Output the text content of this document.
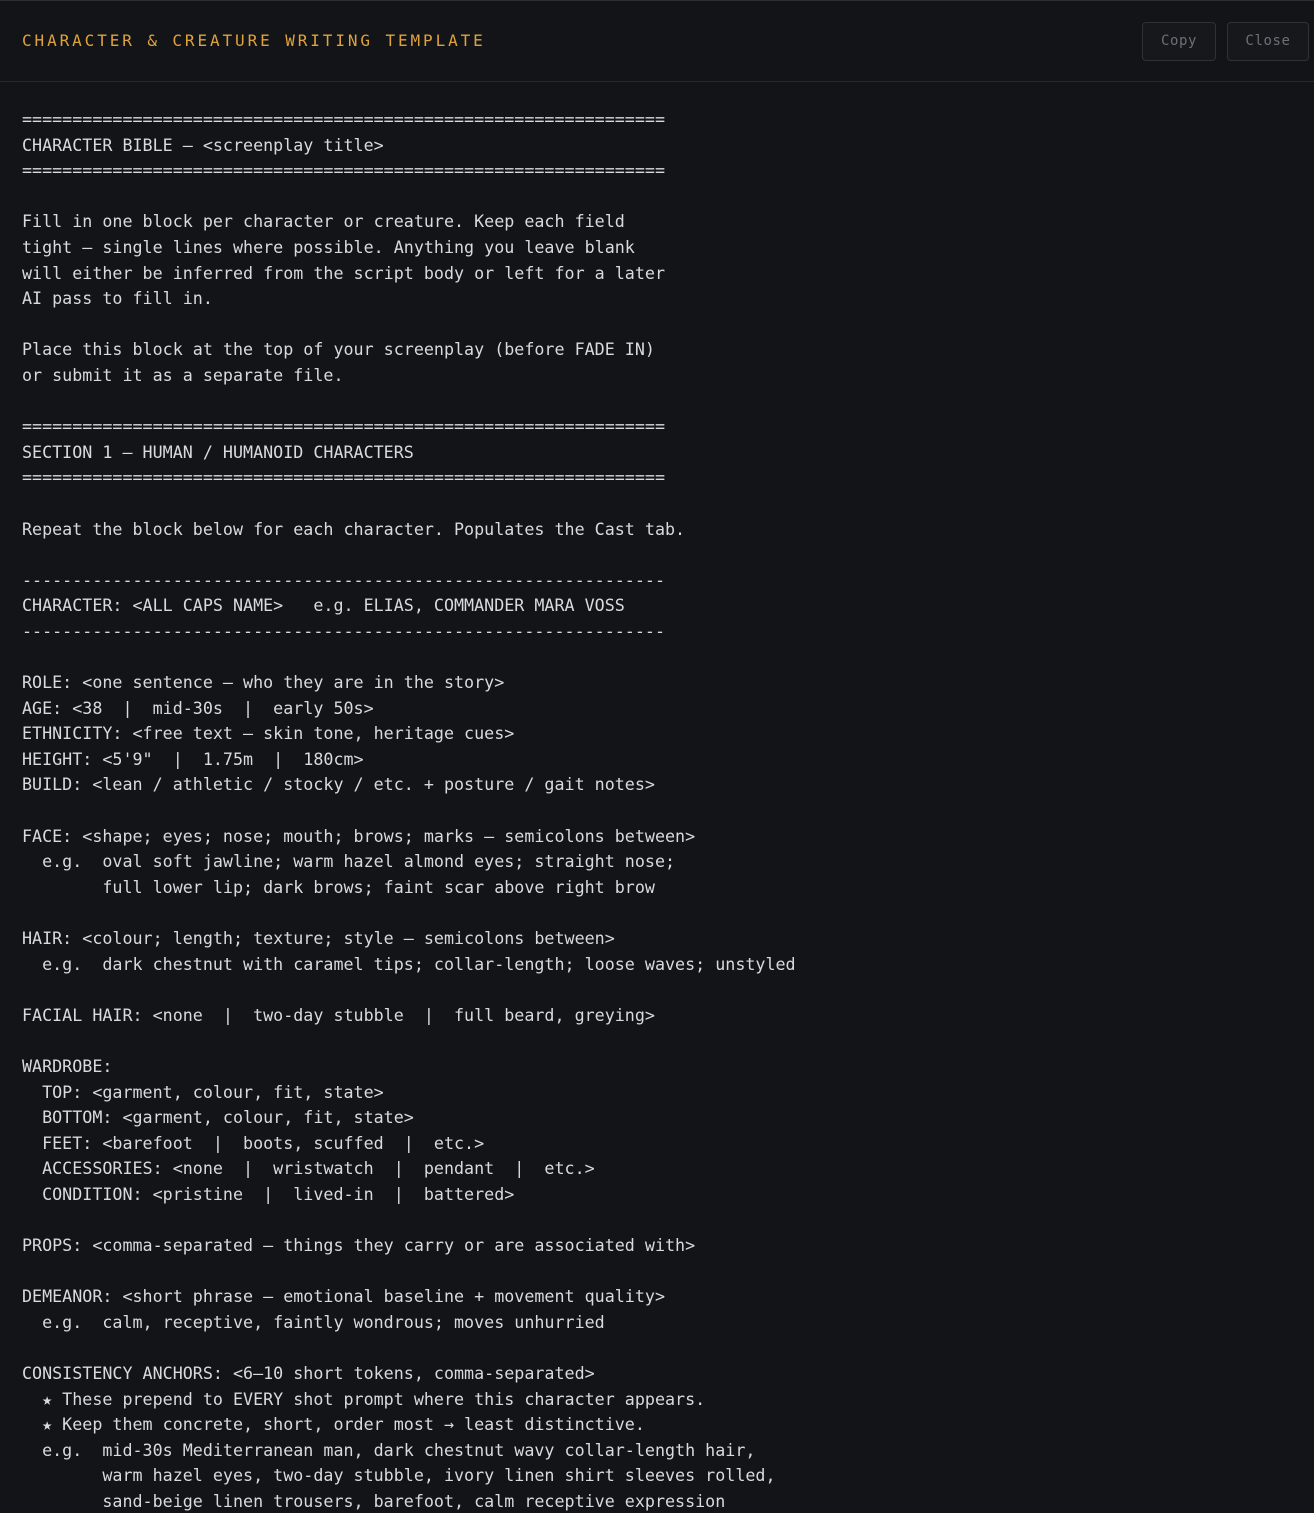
CHARACTER & CREATURE WRITING TEMPLATE	Copy	Close
================================================================
CHARACTER BIBLE — <screenplay title>
================================================================

Fill in one block per character or creature. Keep each field
tight — single lines where possible. Anything you leave blank
will either be inferred from the script body or left for a later
AI pass to fill in.

Place this block at the top of your screenplay (before FADE IN)
or submit it as a separate file.

================================================================
SECTION 1 — HUMAN / HUMANOID CHARACTERS
================================================================

Repeat the block below for each character. Populates the Cast tab.

----------------------------------------------------------------
CHARACTER: <ALL CAPS NAME>   e.g. ELIAS, COMMANDER MARA VOSS
----------------------------------------------------------------

ROLE: <one sentence — who they are in the story>
AGE: <38  |  mid-30s  |  early 50s>
ETHNICITY: <free text — skin tone, heritage cues>
HEIGHT: <5'9"  |  1.75m  |  180cm>
BUILD: <lean / athletic / stocky / etc. + posture / gait notes>

FACE: <shape; eyes; nose; mouth; brows; marks — semicolons between>
e.g.  oval soft jawline; warm hazel almond eyes; straight nose;
full lower lip; dark brows; faint scar above right brow

HAIR: <colour; length; texture; style — semicolons between>
e.g.  dark chestnut with caramel tips; collar-length; loose waves; unstyled

FACIAL HAIR: <none  |  two-day stubble  |  full beard, greying>

WARDROBE:
TOP: <garment, colour, fit, state>
BOTTOM: <garment, colour, fit, state>
FEET: <barefoot  |  boots, scuffed  |  etc.>
ACCESSORIES: <none  |  wristwatch  |  pendant  |  etc.>
CONDITION: <pristine  |  lived-in  |  battered>

PROPS: <comma-separated — things they carry or are associated with>

DEMEANOR: <short phrase — emotional baseline + movement quality>
e.g.  calm, receptive, faintly wondrous; moves unhurried

CONSISTENCY ANCHORS: <6–10 short tokens, comma-separated>
★ These prepend to EVERY shot prompt where this character appears.
★ Keep them concrete, short, order most → least distinctive.
e.g.  mid-30s Mediterranean man, dark chestnut wavy collar-length hair,
warm hazel eyes, two-day stubble, ivory linen shirt sleeves rolled,
sand-beige linen trousers, barefoot, calm receptive expression
